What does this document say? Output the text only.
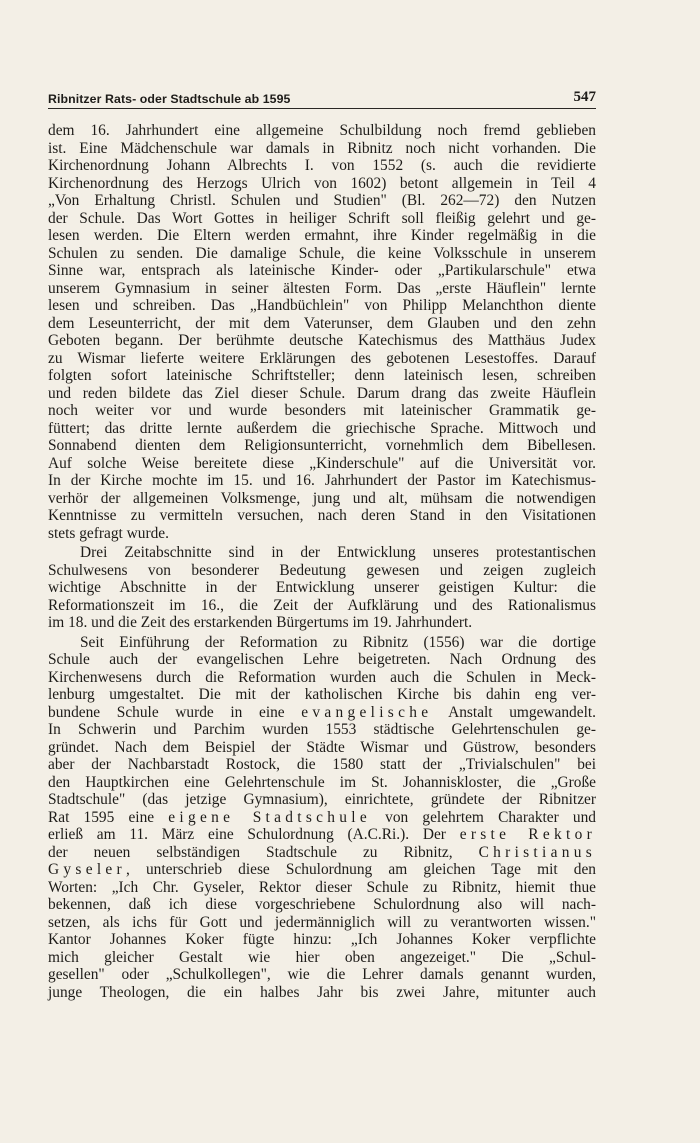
Ribnitzer Rats- oder Stadtschule ab 1595	547
dem 16. Jahrhundert eine allgemeine Schulbildung noch fremd geblieben
ist. Eine Mädchenschule war damals in Ribnitz noch nicht vorhanden. Die
Kirchenordnung Johann Albrechts I. von 1552 (s. auch die revidierte
Kirchenordnung des Herzogs Ulrich von 1602) betont allgemein in Teil 4
„Von Erhaltung Christl. Schulen und Studien" (Bl. 262—72) den Nutzen
der Schule. Das Wort Gottes in heiliger Schrift soll fleißig gelehrt und ge-
lesen werden. Die Eltern werden ermahnt, ihre Kinder regelmäßig in die
Schulen zu senden. Die damalige Schule, die keine Volksschule in unserem
Sinne war, entsprach als lateinische Kinder- oder „Partikularschule" etwa
unserem Gymnasium in seiner ältesten Form. Das „erste Häuflein" lernte
lesen und schreiben. Das „Handbüchlein" von Philipp Melanchthon diente
dem Leseunterricht, der mit dem Vaterunser, dem Glauben und den zehn
Geboten begann. Der berühmte deutsche Katechismus des Matthäus Judex
zu Wismar lieferte weitere Erklärungen des gebotenen Lesestoffes. Darauf
folgten sofort lateinische Schriftsteller; denn lateinisch lesen, schreiben
und reden bildete das Ziel dieser Schule. Darum drang das zweite Häuflein
noch weiter vor und wurde besonders mit lateinischer Grammatik ge-
füttert; das dritte lernte außerdem die griechische Sprache. Mittwoch und
Sonnabend dienten dem Religionsunterricht, vornehmlich dem Bibellesen.
Auf solche Weise bereitete diese „Kinderschule" auf die Universität vor.
In der Kirche mochte im 15. und 16. Jahrhundert der Pastor im Katechismus-
verhör der allgemeinen Volksmenge, jung und alt, mühsam die notwendigen
Kenntnisse zu vermitteln versuchen, nach deren Stand in den Visitationen
stets gefragt wurde.
Drei Zeitabschnitte sind in der Entwicklung unseres protestantischen
Schulwesens von besonderer Bedeutung gewesen und zeigen zugleich
wichtige Abschnitte in der Entwicklung unserer geistigen Kultur: die
Reformationszeit im 16., die Zeit der Aufklärung und des Rationalismus
im 18. und die Zeit des erstarkenden Bürgertums im 19. Jahrhundert.
Seit Einführung der Reformation zu Ribnitz (1556) war die dortige
Schule auch der evangelischen Lehre beigetreten. Nach Ordnung des
Kirchenwesens durch die Reformation wurden auch die Schulen in Meck-
lenburg umgestaltet. Die mit der katholischen Kirche bis dahin eng ver-
bundene Schule wurde in eine evangelische Anstalt umgewandelt.
In Schwerin und Parchim wurden 1553 städtische Gelehrtenschulen ge-
gründet. Nach dem Beispiel der Städte Wismar und Güstrow, besonders
aber der Nachbarstadt Rostock, die 1580 statt der „Trivialschulen" bei
den Hauptkirchen eine Gelehrtenschule im St. Johanniskloster, die „Große
Stadtschule" (das jetzige Gymnasium), einrichtete, gründete der Ribnitzer
Rat 1595 eine eigene Stadtschule von gelehrtem Charakter und
erließ am 11. März eine Schulordnung (A.C.Ri.). Der erste Rektor
der neuen selbständigen Stadtschule zu Ribnitz, Christianus
Gyseler, unterschrieb diese Schulordnung am gleichen Tage mit den
Worten: „Ich Chr. Gyseler, Rektor dieser Schule zu Ribnitz, hiemit thue
bekennen, daß ich diese vorgeschriebene Schulordnung also will nach-
setzen, als ichs für Gott und jedermänniglich will zu verantworten wissen."
Kantor Johannes Koker fügte hinzu: „Ich Johannes Koker verpflichte
mich gleicher Gestalt wie hier oben angezeiget." Die „Schul-
gesellen" oder „Schulkollegen", wie die Lehrer damals genannt wurden,
junge Theologen, die ein halbes Jahr bis zwei Jahre, mitunter auch
